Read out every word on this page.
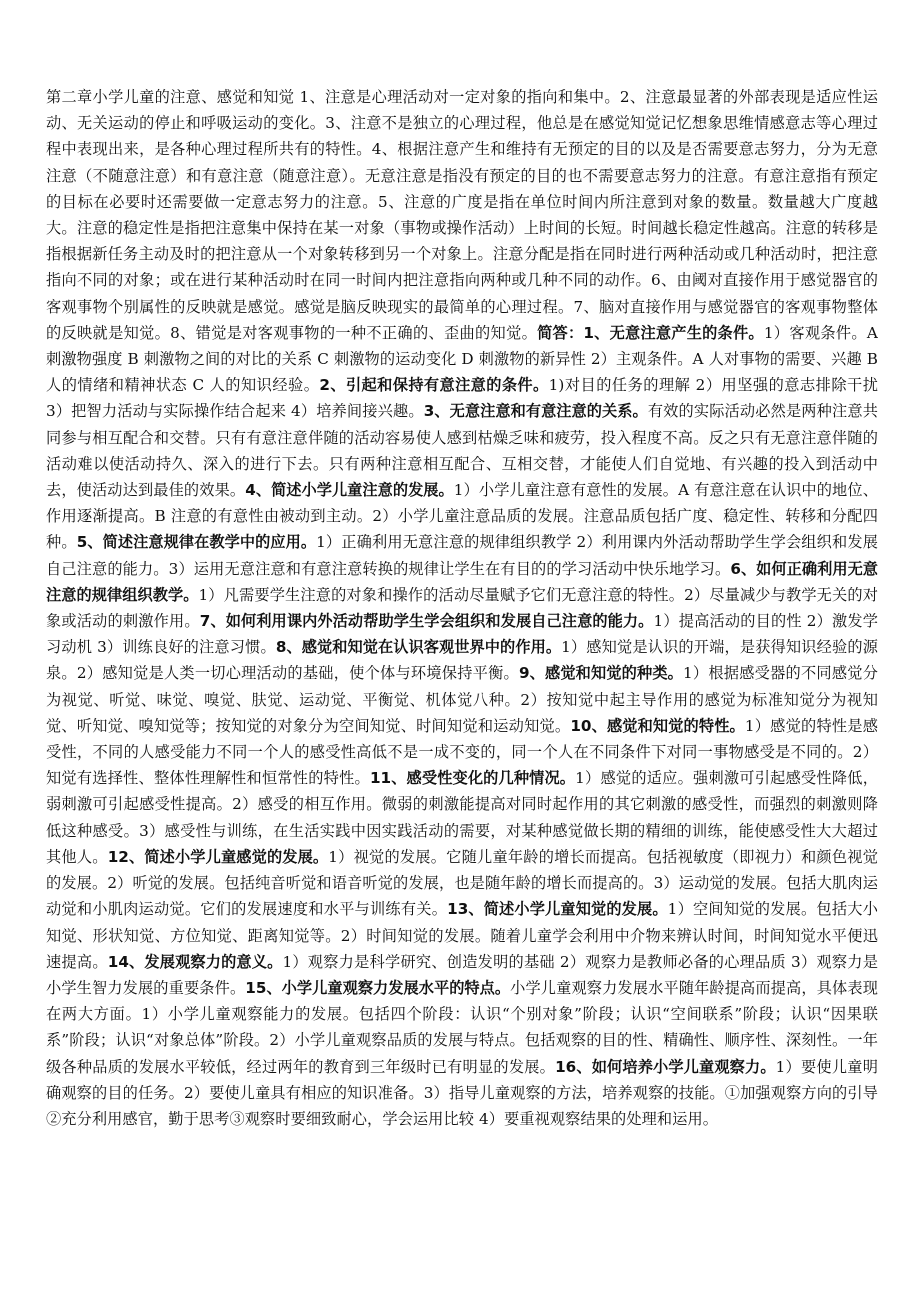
第二章小学儿童的注意、感觉和知觉 1、注意是心理活动对一定对象的指向和集中。2、注意最显著的外部表现是适应性运动、无关运动的停止和呼吸运动的变化。3、注意不是独立的心理过程，他总是在感觉知觉记忆想象思维情感意志等心理过程中表现出来，是各种心理过程所共有的特性。4、根据注意产生和维持有无预定的目的以及是否需要意志努力，分为无意注意（不随意注意）和有意注意（随意注意）。无意注意是指没有预定的目的也不需要意志努力的注意。有意注意指有预定的目标在必要时还需要做一定意志努力的注意。5、注意的广度是指在单位时间内所注意到对象的数量。数量越大广度越大。注意的稳定性是指把注意集中保持在某一对象（事物或操作活动）上时间的长短。时间越长稳定性越高。注意的转移是指根据新任务主动及时的把注意从一个对象转移到另一个对象上。注意分配是指在同时进行两种活动或几种活动时，把注意指向不同的对象；或在进行某种活动时在同一时间内把注意指向两种或几种不同的动作。6、由阈对直接作用于感觉器官的客观事物个别属性的反映就是感觉。感觉是脑反映现实的最简单的心理过程。7、脑对直接作用与感觉器官的客观事物整体的反映就是知觉。8、错觉是对客观事物的一种不正确的、歪曲的知觉。简答：1、无意注意产生的条件。1）客观条件。A 刺激物强度 B 刺激物之间的对比的关系 C 刺激物的运动变化 D 刺激物的新异性 2）主观条件。A 人对事物的需要、兴趣 B 人的情绪和精神状态 C 人的知识经验。2、引起和保持有意注意的条件。1)对目的任务的理解 2）用坚强的意志排除干扰 3）把智力活动与实际操作结合起来 4）培养间接兴趣。3、无意注意和有意注意的关系。有效的实际活动必然是两种注意共同参与相互配合和交替。只有有意注意伴随的活动容易使人感到枯燥乏味和疲劳，投入程度不高。反之只有无意注意伴随的活动难以使活动持久、深入的进行下去。只有两种注意相互配合、互相交替，才能使人们自觉地、有兴趣的投入到活动中去，使活动达到最佳的效果。4、简述小学儿童注意的发展。1）小学儿童注意有意性的发展。A 有意注意在认识中的地位、作用逐渐提高。B 注意的有意性由被动到主动。2）小学儿童注意品质的发展。注意品质包括广度、稳定性、转移和分配四种。5、简述注意规律在教学中的应用。1）正确利用无意注意的规律组织教学 2）利用课内外活动帮助学生学会组织和发展自己注意的能力。3）运用无意注意和有意注意转换的规律让学生在有目的的学习活动中快乐地学习。6、如何正确利用无意注意的规律组织教学。1）凡需要学生注意的对象和操作的活动尽量赋予它们无意注意的特性。2）尽量减少与教学无关的对象或活动的刺激作用。7、如何利用课内外活动帮助学生学会组织和发展自己注意的能力。1）提高活动的目的性 2）激发学习动机 3）训练良好的注意习惯。8、感觉和知觉在认识客观世界中的作用。1）感知觉是认识的开端，是获得知识经验的源泉。2）感知觉是人类一切心理活动的基础，使个体与环境保持平衡。9、感觉和知觉的种类。1）根据感受器的不同感觉分为视觉、听觉、味觉、嗅觉、肤觉、运动觉、平衡觉、机体觉八种。2）按知觉中起主导作用的感觉为标准知觉分为视知觉、听知觉、嗅知觉等；按知觉的对象分为空间知觉、时间知觉和运动知觉。10、感觉和知觉的特性。1）感觉的特性是感受性，不同的人感受能力不同一个人的感受性高低不是一成不变的，同一个人在不同条件下对同一事物感受是不同的。2）知觉有选择性、整体性理解性和恒常性的特性。11、感受性变化的几种情况。1）感觉的适应。强刺激可引起感受性降低，弱刺激可引起感受性提高。2）感受的相互作用。微弱的刺激能提高对同时起作用的其它刺激的感受性，而强烈的刺激则降低这种感受。3）感受性与训练，在生活实践中因实践活动的需要，对某种感觉做长期的精细的训练，能使感受性大大超过其他人。12、简述小学儿童感觉的发展。1）视觉的发展。它随儿童年龄的增长而提高。包括视敏度（即视力）和颜色视觉的发展。2）听觉的发展。包括纯音听觉和语音听觉的发展，也是随年龄的增长而提高的。3）运动觉的发展。包括大肌肉运动觉和小肌肉运动觉。它们的发展速度和水平与训练有关。13、简述小学儿童知觉的发展。1）空间知觉的发展。包括大小知觉、形状知觉、方位知觉、距离知觉等。2）时间知觉的发展。随着儿童学会利用中介物来辨认时间，时间知觉水平便迅速提高。14、发展观察力的意义。1）观察力是科学研究、创造发明的基础 2）观察力是教师必备的心理品质 3）观察力是小学生智力发展的重要条件。15、小学儿童观察力发展水平的特点。小学儿童观察力发展水平随年龄提高而提高，具体表现在两大方面。1）小学儿童观察能力的发展。包括四个阶段：认识“个别对象”阶段；认识“空间联系”阶段；认识“因果联系”阶段；认识“对象总体”阶段。2）小学儿童观察品质的发展与特点。包括观察的目的性、精确性、顺序性、深刻性。一年级各种品质的发展水平较低，经过两年的教育到三年级时已有明显的发展。16、如何培养小学儿童观察力。1）要使儿童明确观察的目的任务。2）要使儿童具有相应的知识准备。3）指导儿童观察的方法，培养观察的技能。①加强观察方向的引导②充分利用感官，勤于思考③观察时要细致耐心，学会运用比较 4）要重视观察结果的处理和运用。
